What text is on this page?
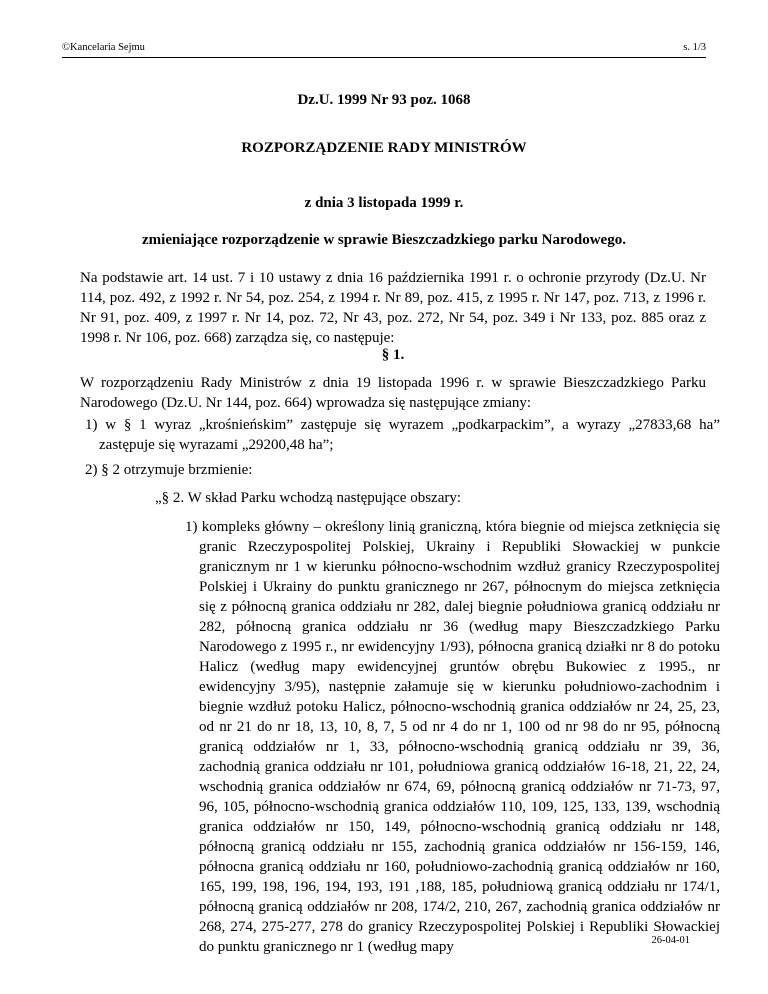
©Kancelaria Sejmu	s. 1/3
Dz.U. 1999 Nr 93 poz. 1068
ROZPORZĄDZENIE RADY MINISTRÓW
z dnia 3 listopada 1999 r.
zmieniające rozporządzenie w sprawie Bieszczadzkiego parku Narodowego.
Na podstawie art. 14 ust. 7 i 10 ustawy z dnia 16 października 1991 r. o ochronie przyrody (Dz.U. Nr 114, poz. 492, z 1992 r. Nr 54, poz. 254, z 1994 r. Nr 89, poz. 415, z 1995 r. Nr 147, poz. 713, z 1996 r. Nr 91, poz. 409, z 1997 r. Nr 14, poz. 72, Nr 43, poz. 272, Nr 54, poz. 349 i Nr 133, poz. 885 oraz z 1998 r. Nr 106, poz. 668) zarządza się, co następuje:
§ 1.
W rozporządzeniu Rady Ministrów z dnia 19 listopada 1996 r. w sprawie Bieszczadzkiego Parku Narodowego (Dz.U. Nr 144, poz. 664) wprowadza się następujące zmiany:
1) w § 1 wyraz „krośnieńskim” zastępuje się wyrazem „podkarpackim”, a wyrazy „27833,68 ha” zastępuje się wyrazami „29200,48 ha”;
2) § 2 otrzymuje brzmienie:
„§ 2. W skład Parku wchodzą następujące obszary:
1) kompleks główny – określony linią graniczną, która biegnie od miejsca zetknięcia się granic Rzeczypospolitej Polskiej, Ukrainy i Republiki Słowackiej w punkcie granicznym nr 1 w kierunku północno-wschodnim wzdłuż granicy Rzeczypospolitej Polskiej i Ukrainy do punktu granicznego nr 267, północnym do miejsca zetknięcia się z północną granica oddziału nr 282, dalej biegnie południowa granicą oddziału nr 282, północną granica oddziału nr 36 (według mapy Bieszczadzkiego Parku Narodowego z 1995 r., nr ewidencyjny 1/93), północna granicą działki nr 8 do potoku Halicz (według mapy ewidencyjnej gruntów obrębu Bukowiec z 1995., nr ewidencyjny 3/95), następnie załamuje się w kierunku południowo-zachodnim i biegnie wzdłuż potoku Halicz, północno-wschodnią granica oddziałów nr 24, 25, 23, od nr 21 do nr 18, 13, 10, 8, 7, 5 od nr 4 do nr 1, 100 od nr 98 do nr 95, północną granicą oddziałów nr 1, 33, północno-wschodnią granicą oddziału nr 39, 36, zachodnią granica oddziału nr 101, południowa granicą oddziałów 16-18, 21, 22, 24, wschodnią granica oddziałów nr 674, 69, północną granicą oddziałów nr 71-73, 97, 96, 105, północno-wschodnią granica oddziałów 110, 109, 125, 133, 139, wschodnią granica oddziałów nr 150, 149, północno-wschodnią granicą oddziału nr 148, północną granicą oddziału nr 155, zachodnią granica oddziałów nr 156-159, 146, północna granicą oddziału nr 160, południowo-zachodnią granicą oddziałów nr 160, 165, 199, 198, 196, 194, 193, 191 ,188, 185, południową granicą oddziału nr 174/1, północną granicą oddziałów nr 208, 174/2, 210, 267, zachodnią granica oddziałów nr 268, 274, 275-277, 278 do granicy Rzeczypospolitej Polskiej i Republiki Słowackiej do punktu granicznego nr 1 (według mapy	26-04-01
